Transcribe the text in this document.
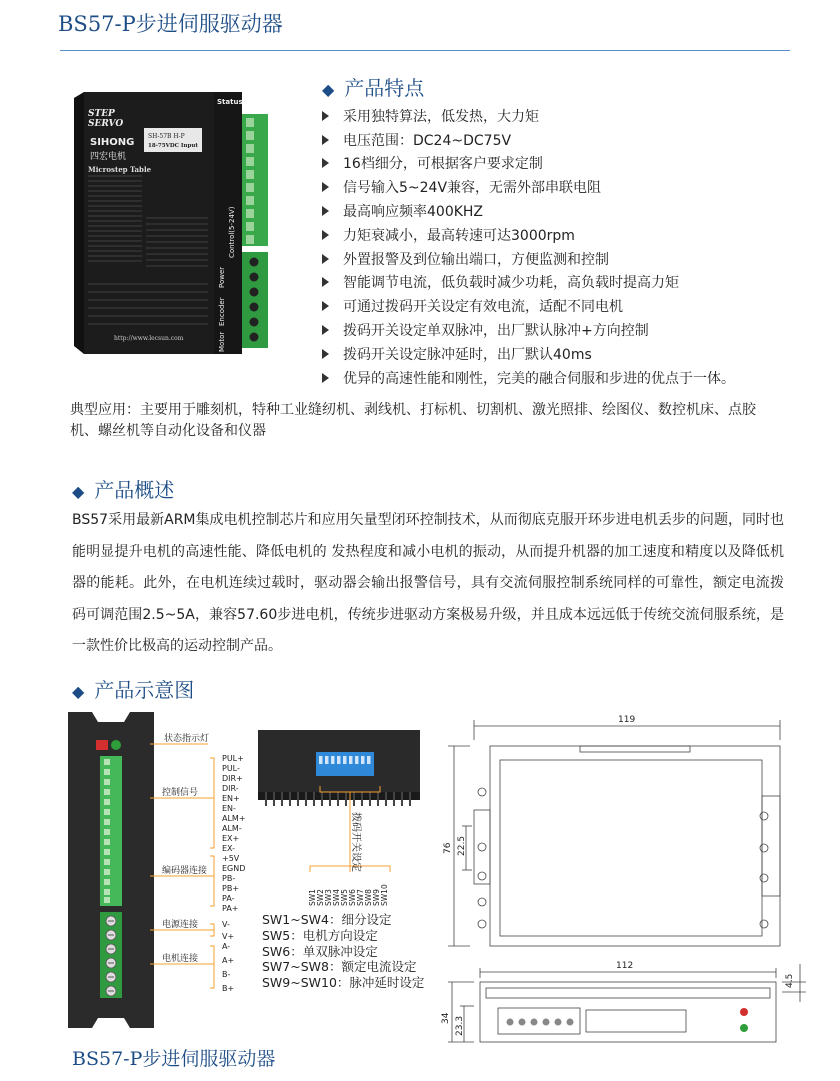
BS57-P步进伺服驱动器
STEP
SERVO
SIHONG
四宏电机
SH-57B H-P
18-75VDC Input
Microstep Table
http://www.lecsun.com
Status
Control(5-24V)
Encoder
Power
Motor
◆ 产品特点
采用独特算法，低发热，大力矩
电压范围：DC24~DC75V
16档细分，可根据客户要求定制
信号输入5~24V兼容，无需外部串联电阻
最高响应频率400KHZ
力矩衰减小，最高转速可达3000rpm
外置报警及到位输出端口，方便监测和控制
智能调节电流，低负载时减少功耗，高负载时提高力矩
可通过拨码开关设定有效电流，适配不同电机
拨码开关设定单双脉冲，出厂默认脉冲+方向控制
拨码开关设定脉冲延时，出厂默认40ms
优异的高速性能和刚性，完美的融合伺服和步进的优点于一体。
典型应用：主要用于雕刻机，特种工业缝纫机、剥线机、打标机、切割机、激光照排、绘图仪、数控机床、点胶机、螺丝机等自动化设备和仪器
◆ 产品概述
BS57采用最新ARM集成电机控制芯片和应用矢量型闭环控制技术，从而彻底克服开环步进电机丢步的问题，同时也能明显提升电机的高速性能、降低电机的 发热程度和减小电机的振动，从而提升机器的加工速度和精度以及降低机器的能耗。此外，在电机连续过载时，驱动器会输出报警信号，具有交流伺服控制系统同样的可靠性，额定电流拨码可调范围2.5~5A，兼容57.60步进电机，传统步进驱动方案极易升级，并且成本远远低于传统交流伺服系统，是一款性价比极高的运动控制产品。
◆ 产品示意图
状态指示灯
控制信号
编码器连接
电源连接
电机连接
PUL+
PUL-
DIR+
DIR-
EN+
EN-
ALM+
ALM-
EX+
EX-
+5V
EGND
PB-
PB+
PA-
PA+
V-
V+
A-
A+
B-
B+
拨码开关设定
SW1 SW2 SW3 SW4 SW5 SW6 SW7 SW8 SW9 SW10
SW1~SW4：细分设定
SW5：电机方向设定
SW6：单双脉冲设定
SW7~SW8：额定电流设定
SW9~SW10：脉冲延时设定
119
76 22.5
112
4.5
34 23.3
BS57-P步进伺服驱动器
